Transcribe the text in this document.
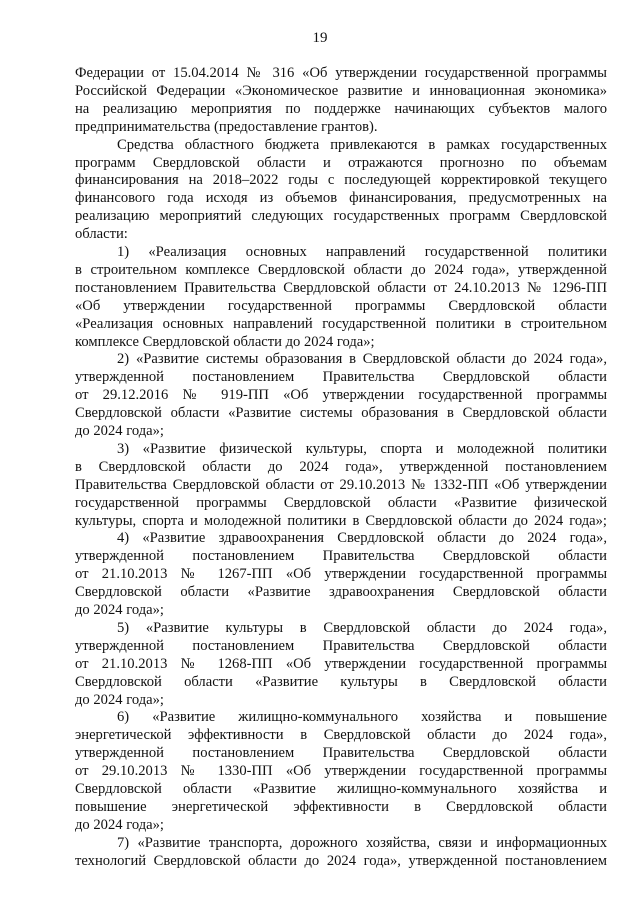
19
Федерации от 15.04.2014 № 316 «Об утверждении государственной программы
Российской Федерации «Экономическое развитие и инновационная экономика»
на реализацию мероприятия по поддержке начинающих субъектов малого
предпринимательства (предоставление грантов).
Средства областного бюджета привлекаются в рамках государственных
программ Свердловской области и отражаются прогнозно по объемам
финансирования на 2018–2022 годы с последующей корректировкой текущего
финансового года исходя из объемов финансирования, предусмотренных на
реализацию мероприятий следующих государственных программ Свердловской
области:
1) «Реализация основных направлений государственной политики
в строительном комплексе Свердловской области до 2024 года», утвержденной
постановлением Правительства Свердловской области от 24.10.2013 № 1296-ПП
«Об утверждении государственной программы Свердловской области
«Реализация основных направлений государственной политики в строительном
комплексе Свердловской области до 2024 года»;
2) «Развитие системы образования в Свердловской области до 2024 года»,
утвержденной постановлением Правительства Свердловской области
от 29.12.2016 № 919-ПП «Об утверждении государственной программы
Свердловской области «Развитие системы образования в Свердловской области
до 2024 года»;
3) «Развитие физической культуры, спорта и молодежной политики
в Свердловской области до 2024 года», утвержденной постановлением
Правительства Свердловской области от 29.10.2013 № 1332-ПП «Об утверждении
государственной программы Свердловской области «Развитие физической
культуры, спорта и молодежной политики в Свердловской области до 2024 года»;
4) «Развитие здравоохранения Свердловской области до 2024 года»,
утвержденной постановлением Правительства Свердловской области
от 21.10.2013 № 1267-ПП «Об утверждении государственной программы
Свердловской области «Развитие здравоохранения Свердловской области
до 2024 года»;
5) «Развитие культуры в Свердловской области до 2024 года»,
утвержденной постановлением Правительства Свердловской области
от 21.10.2013 № 1268-ПП «Об утверждении государственной программы
Свердловской области «Развитие культуры в Свердловской области
до 2024 года»;
6) «Развитие жилищно-коммунального хозяйства и повышение
энергетической эффективности в Свердловской области до 2024 года»,
утвержденной постановлением Правительства Свердловской области
от 29.10.2013 № 1330-ПП «Об утверждении государственной программы
Свердловской области «Развитие жилищно-коммунального хозяйства и
повышение энергетической эффективности в Свердловской области
до 2024 года»;
7) «Развитие транспорта, дорожного хозяйства, связи и информационных
технологий Свердловской области до 2024 года», утвержденной постановлением
